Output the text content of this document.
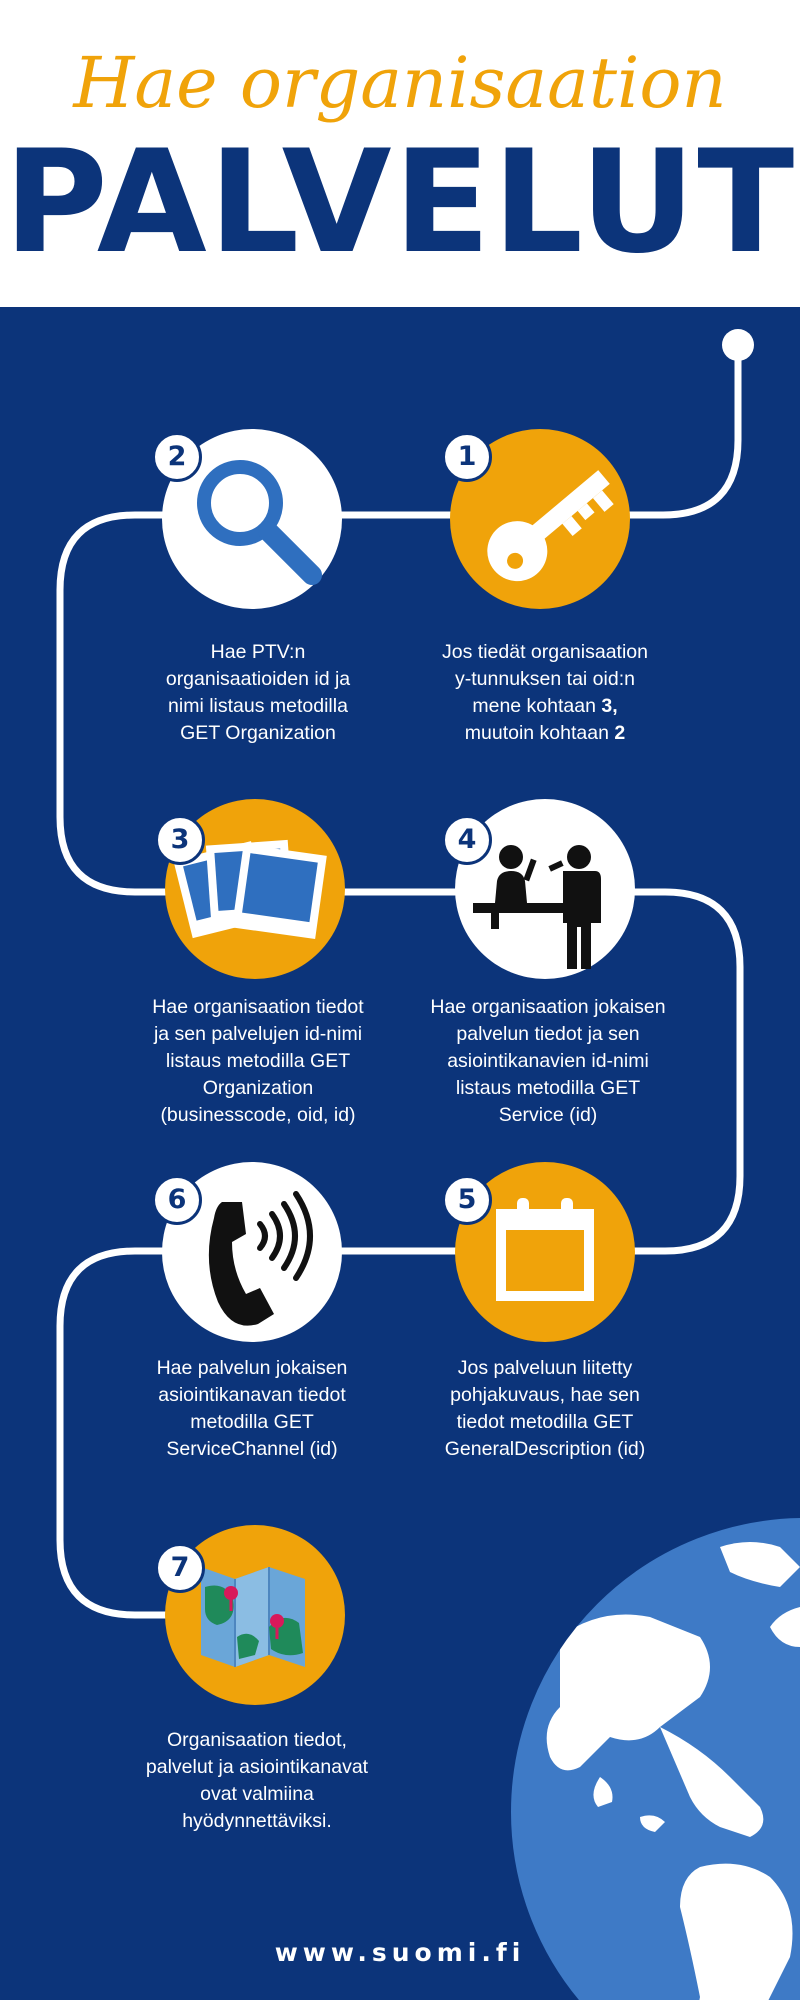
Hae organisaation
PALVELUT
2

Hae PTV:n
organisaatioiden id ja
nimi listaus metodilla
GET Organization

1

Jos tiedät organisaation
y-tunnuksen tai oid:n
mene kohtaan 3,
muutoin kohtaan 2

3

Hae organisaation tiedot
ja sen palvelujen id-nimi
listaus metodilla GET
Organization
(businesscode, oid, id)

4

Hae organisaation jokaisen
palvelun tiedot ja sen
asiointikanavien id-nimi
listaus metodilla GET
Service (id)

6

Hae palvelun jokaisen
asiointikanavan tiedot
metodilla GET
ServiceChannel (id)

5

Jos palveluun liitetty
pohjakuvaus, hae sen
tiedot metodilla GET
GeneralDescription (id)

7

Organisaation tiedot,
palvelut ja asiointikanavat
ovat valmiina
hyödynnettäviksi.

www.suomi.fi
